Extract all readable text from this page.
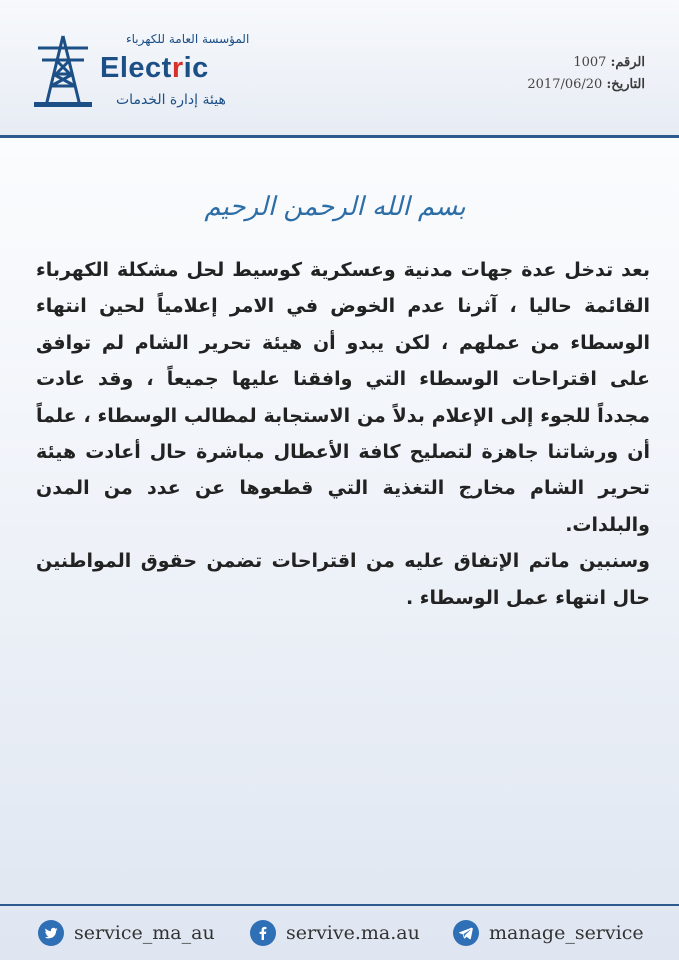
المؤسسة العامة للكهرباء
Electric
هيئة إدارة الخدمات
الرقم: 1007
التاريخ: 2017/06/20
بسم الله الرحمن الرحيم

بعد تدخل عدة جهات مدنية وعسكرية كوسيط لحل مشكلة الكهرباء القائمة حاليا ، آثرنا عدم الخوض في الامر إعلامياً لحين انتهاء الوسطاء من عملهم ، لكن يبدو أن هيئة تحرير الشام لم توافق على اقتراحات الوسطاء التي وافقنا عليها جميعاً ، وقد عادت مجدداً للجوء إلى الإعلام بدلاً من الاستجابة لمطالب الوسطاء ، علماً أن ورشاتنا جاهزة لتصليح كافة الأعطال مباشرة حال أعادت هيئة تحرير الشام مخارج التغذية التي قطعوها عن عدد من المدن والبلدات.

وسنبين ماتم الإتفاق عليه من اقتراحات تضمن حقوق المواطنين حال انتهاء عمل الوسطاء .

service_ma_au	servive.ma.au	manage_service
